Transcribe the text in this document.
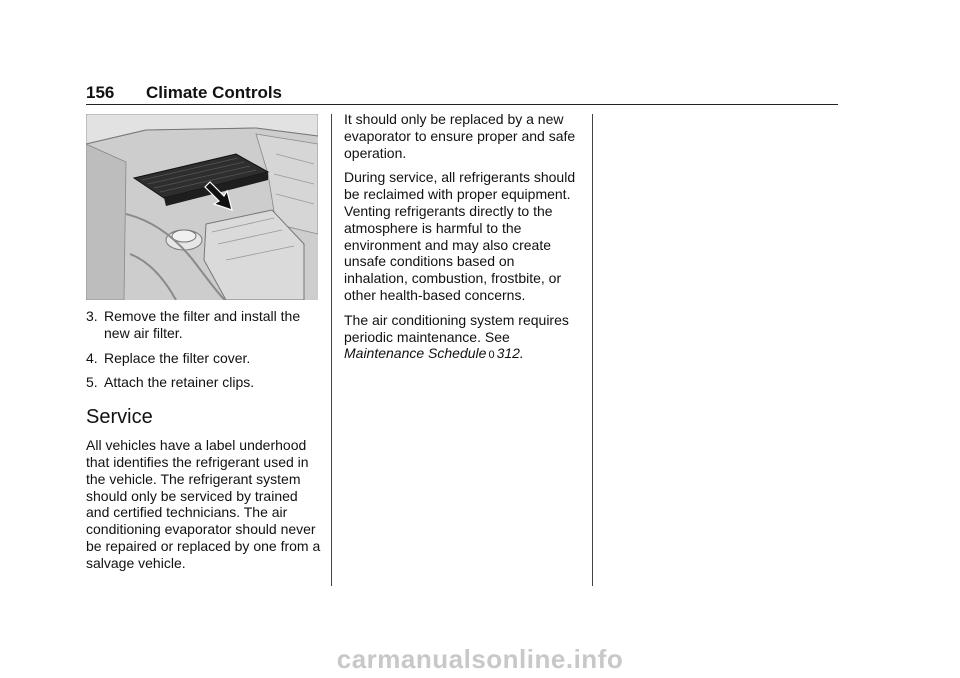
156 Climate Controls
3. Remove the filter and install the new air filter.
4. Replace the filter cover.
5. Attach the retainer clips.
Service

All vehicles have a label underhood that identifies the refrigerant used in the vehicle. The refrigerant system should only be serviced by trained and certified technicians. The air conditioning evaporator should never be repaired or replaced by one from a salvage vehicle.

It should only be replaced by a new evaporator to ensure proper and safe operation.

During service, all refrigerants should be reclaimed with proper equipment. Venting refrigerants directly to the atmosphere is harmful to the environment and may also create unsafe conditions based on inhalation, combustion, frostbite, or other health-based concerns.

The air conditioning system requires periodic maintenance. See Maintenance Schedule 0 312.

carmanualsonline.info
